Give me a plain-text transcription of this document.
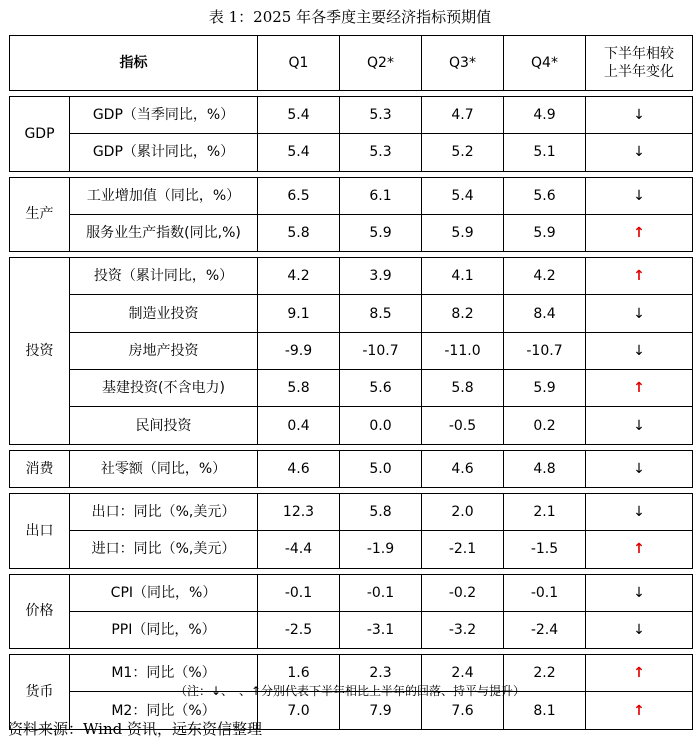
表 1：2025 年各季度主要经济指标预期值
指标		Q1	Q2*	Q3*	Q4*	下半年相较
上半年变化

GDP	GDP（当季同比，%）	5.4	5.3	4.7	4.9	↓
	GDP（累计同比，%）	5.4	5.3	5.2	5.1	↓

生产	工业增加值（同比，%）	6.5	6.1	5.4	5.6	↓
	服务业生产指数(同比,%)	5.8	5.9	5.9	5.9	↑

投资	投资（累计同比，%）	4.2	3.9	4.1	4.2	↑
	制造业投资	9.1	8.5	8.2	8.4	↓
	房地产投资	-9.9	-10.7	-11.0	-10.7	↓
	基建投资(不含电力)	5.8	5.6	5.8	5.9	↑
	民间投资	0.4	0.0	-0.5	0.2	↓

消费	社零额（同比，%）	4.6	5.0	4.6	4.8	↓

出口	出口：同比（%,美元）	12.3	5.8	2.0	2.1	↓
	进口：同比（%,美元）	-4.4	-1.9	-2.1	-1.5	↑

价格	CPI（同比，%）	-0.1	-0.1	-0.2	-0.1	↓
	PPI（同比，%）	-2.5	-3.1	-3.2	-2.4	↓

货币	M1：同比（%）	1.6	2.3	2.4	2.2	↑
	M2：同比（%）	7.0	7.9	7.6	8.1	↑
（注：↓、–、↑分别代表下半年相比上半年的回落、持平与提升）
资料来源：Wind 资讯，远东资信整理
